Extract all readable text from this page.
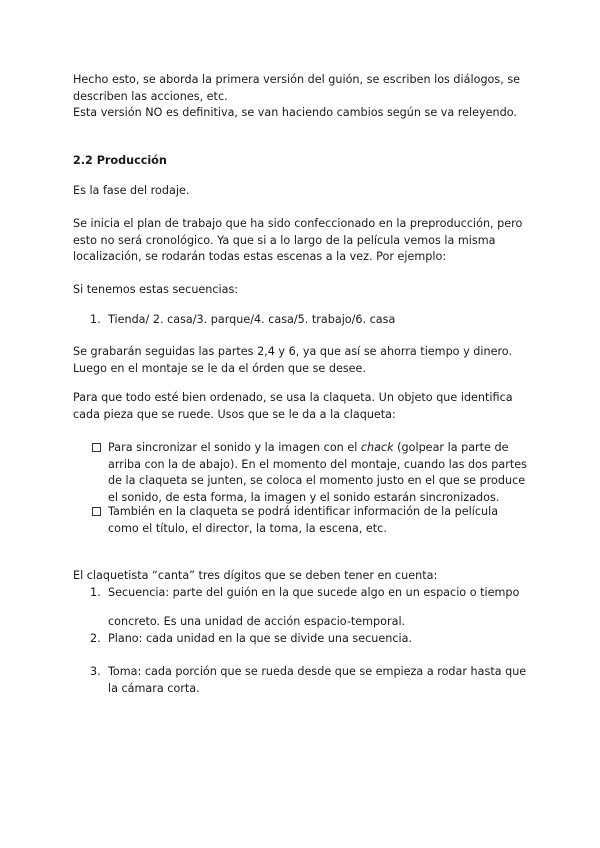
Hecho esto, se aborda la primera versión del guión, se escriben los diálogos, se describen las acciones, etc.

Esta versión NO es definitiva, se van haciendo cambios según se va releyendo.

2.2 Producción

Es la fase del rodaje.

Se inicia el plan de trabajo que ha sido confeccionado en la preproducción, pero esto no será cronológico. Ya que si a lo largo de la película vemos la misma localización, se rodarán todas estas escenas a la vez. Por ejemplo:

Si tenemos estas secuencias:

1. Tienda/ 2. casa/3. parque/4. casa/5. trabajo/6. casa

Se grabarán seguidas las partes 2,4 y 6, ya que así se ahorra tiempo y dinero. Luego en el montaje se le da el órden que se desee.

Para que todo esté bien ordenado, se usa la claqueta. Un objeto que identifica cada pieza que se ruede. Usos que se le da a la claqueta:

Para sincronizar el sonido y la imagen con el chack (golpear la parte de arriba con la de abajo). En el momento del montaje, cuando las dos partes de la claqueta se junten, se coloca el momento justo en el que se produce el sonido, de esta forma, la imagen y el sonido estarán sincronizados.
También en la claqueta se podrá identificar información de la película como el título, el director, la toma, la escena, etc.

El claquetista “canta” tres dígitos que se deben tener en cuenta:

1. Secuencia: parte del guión en la que sucede algo en un espacio o tiempo
concreto. Es una unidad de acción espacio-temporal.
2. Plano: cada unidad en la que se divide una secuencia.
3. Toma: cada porción que se rueda desde que se empieza a rodar hasta que la cámara corta.
